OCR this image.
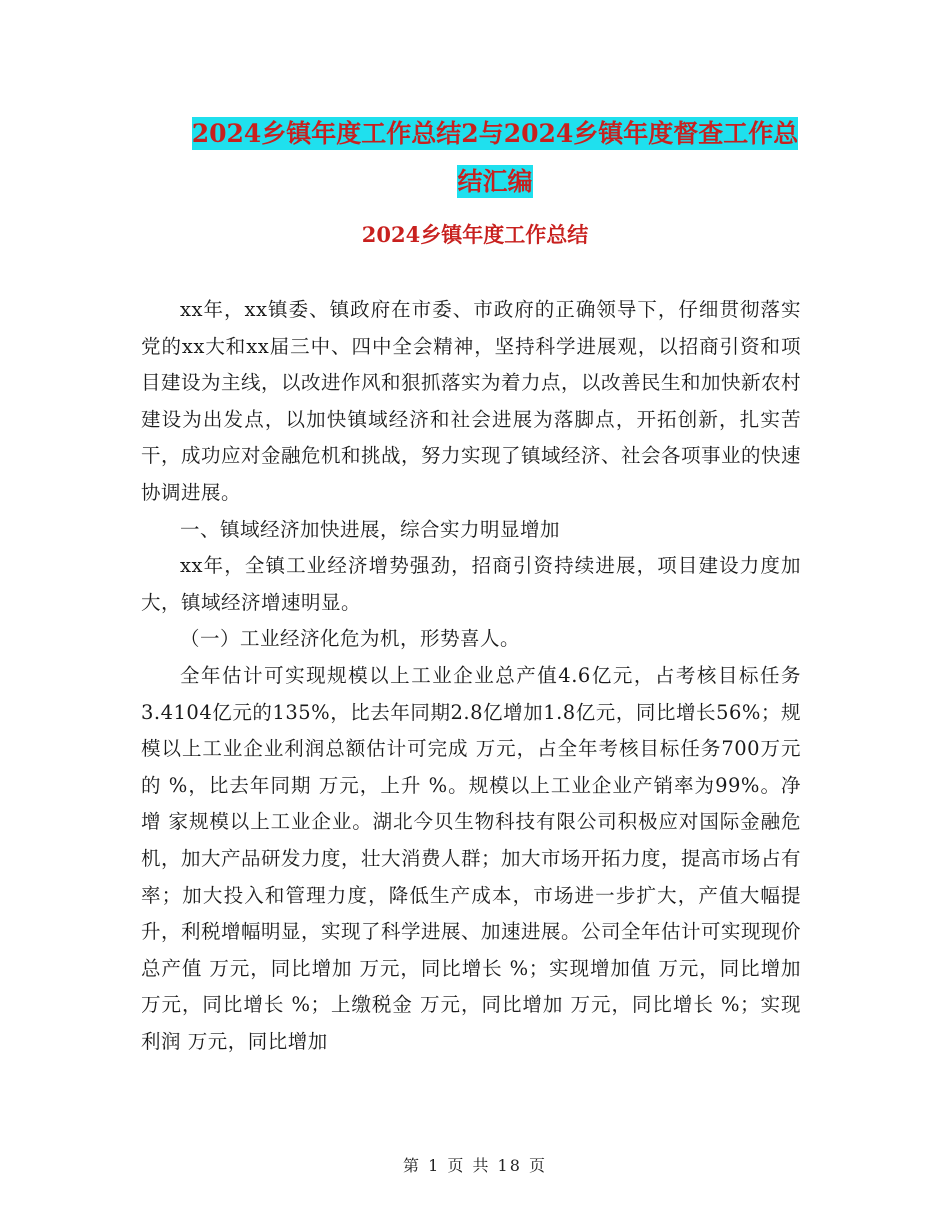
2024乡镇年度工作总结2与2024乡镇年度督查工作总
结汇编
2024乡镇年度工作总结

xx年，xx镇委、镇政府在市委、市政府的正确领导下，仔细贯彻落实党的xx大和xx届三中、四中全会精神，坚持科学进展观，以招商引资和项目建设为主线，以改进作风和狠抓落实为着力点，以改善民生和加快新农村建设为出发点，以加快镇域经济和社会进展为落脚点，开拓创新，扎实苦干，成功应对金融危机和挑战，努力实现了镇域经济、社会各项事业的快速协调进展。

一、镇域经济加快进展，综合实力明显增加

xx年，全镇工业经济增势强劲，招商引资持续进展，项目建设力度加大，镇域经济增速明显。

（一）工业经济化危为机，形势喜人。

全年估计可实现规模以上工业企业总产值4.6亿元，占考核目标任务3.4104亿元的135%，比去年同期2.8亿增加1.8亿元，同比增长56%；规模以上工业企业利润总额估计可完成 万元，占全年考核目标任务700万元的 %，比去年同期 万元，上升 %。规模以上工业企业产销率为99%。净增 家规模以上工业企业。湖北今贝生物科技有限公司积极应对国际金融危机，加大产品研发力度，壮大消费人群；加大市场开拓力度，提高市场占有率；加大投入和管理力度，降低生产成本，市场进一步扩大，产值大幅提升，利税增幅明显，实现了科学进展、加速进展。公司全年估计可实现现价总产值 万元，同比增加 万元，同比增长 %；实现增加值 万元，同比增加 万元，同比增长 %；上缴税金 万元，同比增加 万元，同比增长 %；实现利润 万元，同比增加

第 1 页 共 18 页
